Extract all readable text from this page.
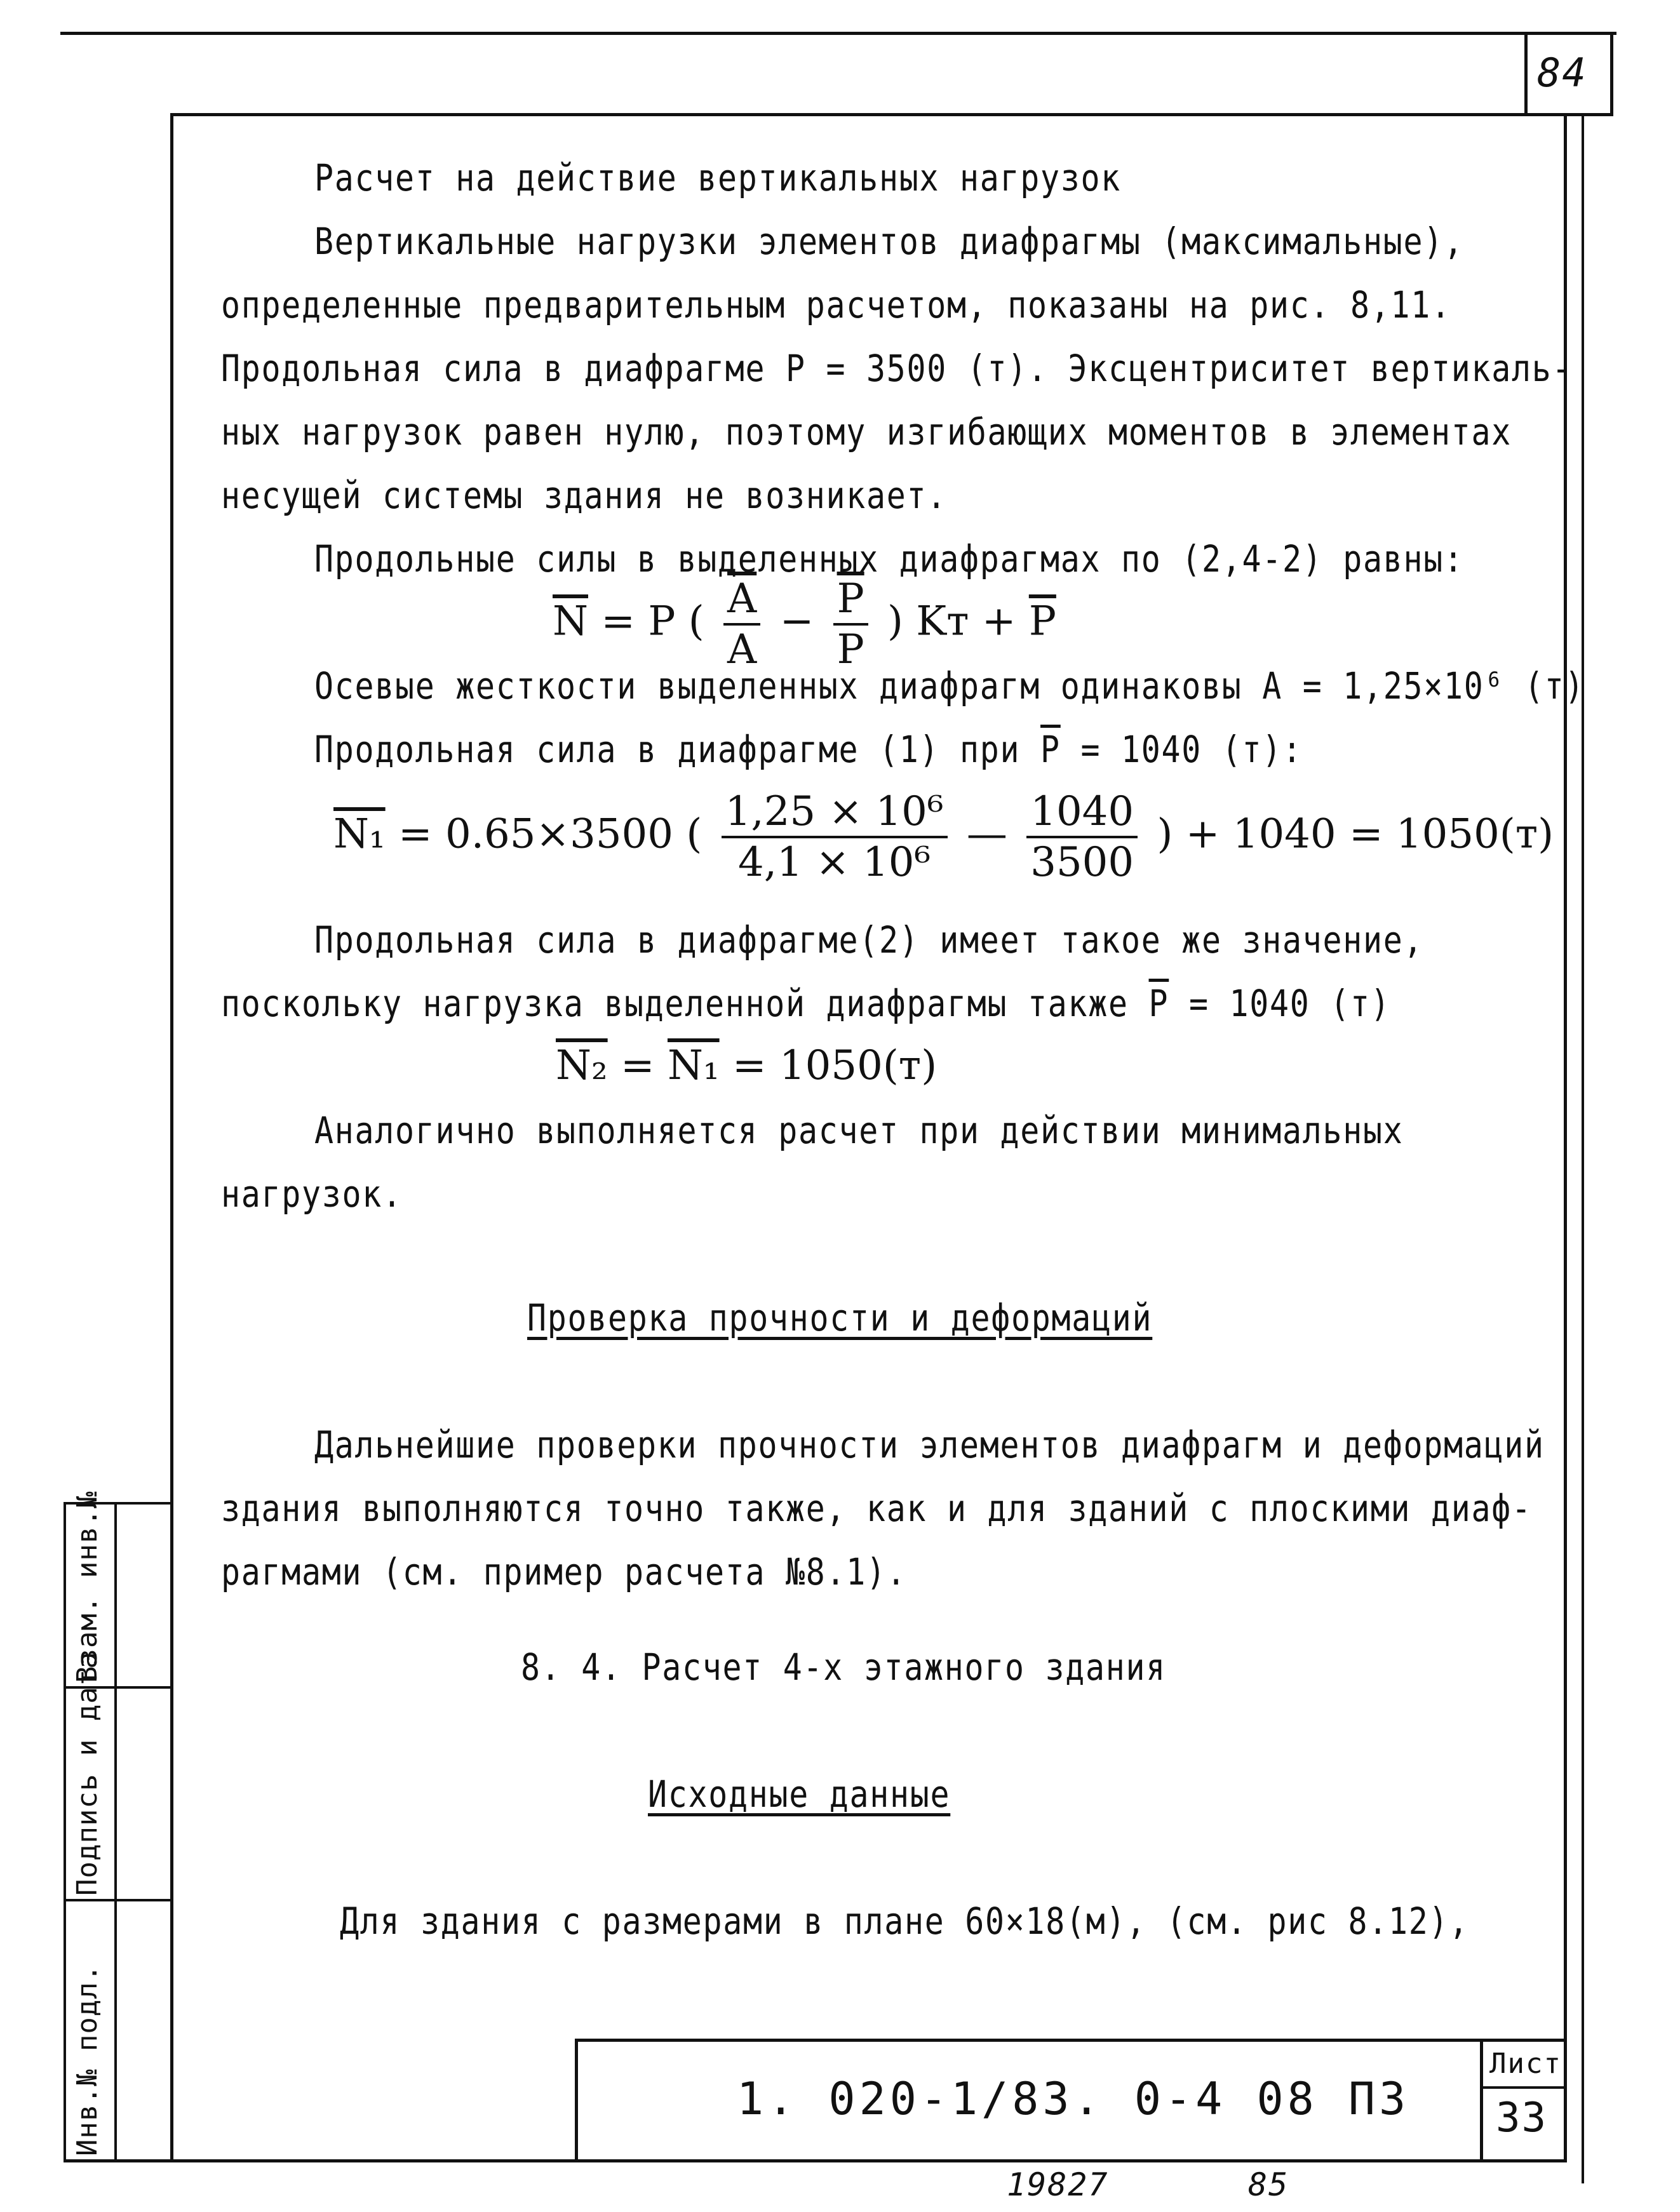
84
Инв.№ подл.
Подпись и дата
Взам. инв.№
Лист
33
1. 020-1/83. 0-4 08 ПЗ
19827	85
Расчет на действие вертикальных нагрузок
Вертикальные нагрузки элементов диафрагмы (максимальные),
определенные предварительным расчетом, показаны на рис. 8,11.
Продольная сила в диафрагме P = 3500 (т). Эксцентриситет вертикаль-
ных нагрузок равен нулю, поэтому изгибающих моментов в элементах
несущей системы здания не возникает.
Продольные силы в выделенных диафрагмах по (2,4-2) равны:
$\overline{N} = P$ ( $\frac{\overline{A}}{A} - \frac{\overline{P}}{P}$ ) Kт + $\overline{P}$
Осевые жесткости выделенных диафрагм одинаковы A = 1,25×10⁶ (т)
Продольная сила в диафрагме (1) при $\overline{P} = 1040$ (т):
N₁ = 0.65×3500 ( $\frac{\text{1,25 × 10⁶}}{\text{4,1 × 10⁶}}$ — $\frac{1040}{3500}$ ) + 1040 = 1050(т)
Продольная сила в диафрагме(2) имеет такое же значение,
поскольку нагрузка выделенной диафрагмы также $\overline{P} = 1040$ (т)
N₂ = N₁ = 1050(т)
Аналогично выполняется расчет при действии минимальных
нагрузок.
Проверка прочности и деформаций
Дальнейшие проверки прочности элементов диафрагм и деформаций
здания выполняются точно также, как и для зданий с плоскими диаф-
рагмами (см. пример расчета №8.1).
8. 4. Расчет 4-х этажного здания
Исходные данные
Для здания с размерами в плане 60×18(м), (см. рис 8.12),
